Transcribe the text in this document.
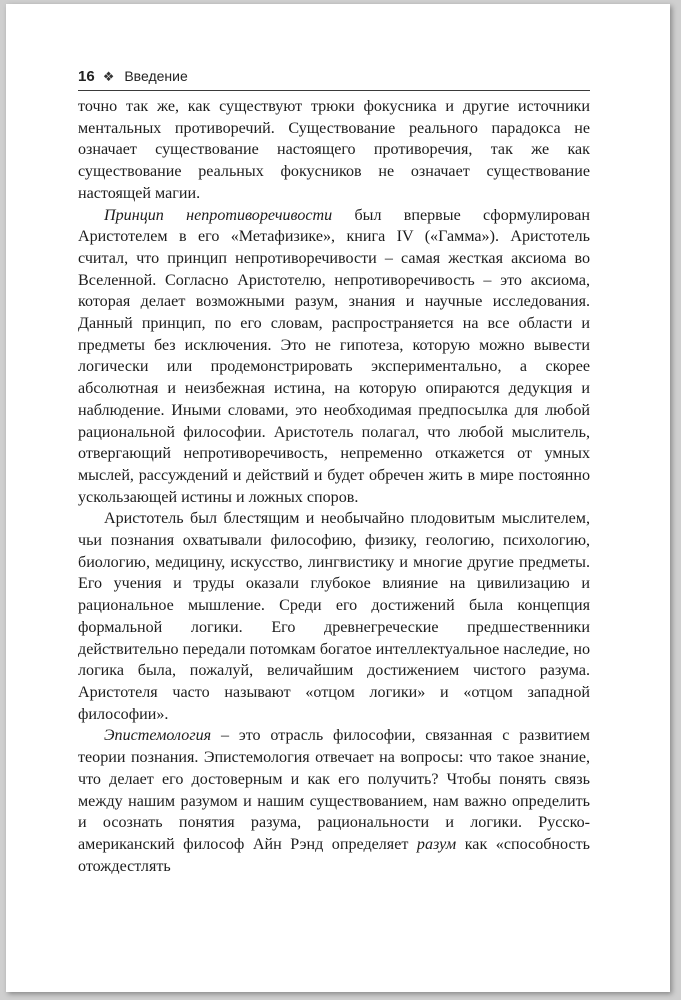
16 ❖ Введение

точно так же, как существуют трюки фокусника и другие источники ментальных противоречий. Существование реального парадокса не означает существование настоящего противоречия, так же как существование реальных фокусников не означает существование настоящей магии.

Принцип непротиворечивости был впервые сформулирован Аристотелем в его «Метафизике», книга IV («Гамма»). Аристотель считал, что принцип непротиворечивости – самая жесткая аксиома во Вселенной. Согласно Аристотелю, непротиворечивость – это аксиома, которая делает возможными разум, знания и научные исследования. Данный принцип, по его словам, распространяется на все области и предметы без исключения. Это не гипотеза, которую можно вывести логически или продемонстрировать экспериментально, а скорее абсолютная и неизбежная истина, на которую опираются дедукция и наблюдение. Иными словами, это необходимая предпосылка для любой рациональной философии. Аристотель полагал, что любой мыслитель, отвергающий непротиворечивость, непременно откажется от умных мыслей, рассуждений и действий и будет обречен жить в мире постоянно ускользающей истины и ложных споров.

Аристотель был блестящим и необычайно плодовитым мыслителем, чьи познания охватывали философию, физику, геологию, психологию, биологию, медицину, искусство, лингвистику и многие другие предметы. Его учения и труды оказали глубокое влияние на цивилизацию и рациональное мышление. Среди его достижений была концепция формальной логики. Его древнегреческие предшественники действительно передали потомкам богатое интеллектуальное наследие, но логика была, пожалуй, величайшим достижением чистого разума. Аристотеля часто называют «отцом логики» и «отцом западной философии».

Эпистемология – это отрасль философии, связанная с развитием теории познания. Эпистемология отвечает на вопросы: что такое знание, что делает его достоверным и как его получить? Чтобы понять связь между нашим разумом и нашим существованием, нам важно определить и осознать понятия разума, рациональности и логики. Русско-американский философ Айн Рэнд определяет разум как «способность отождестлять
